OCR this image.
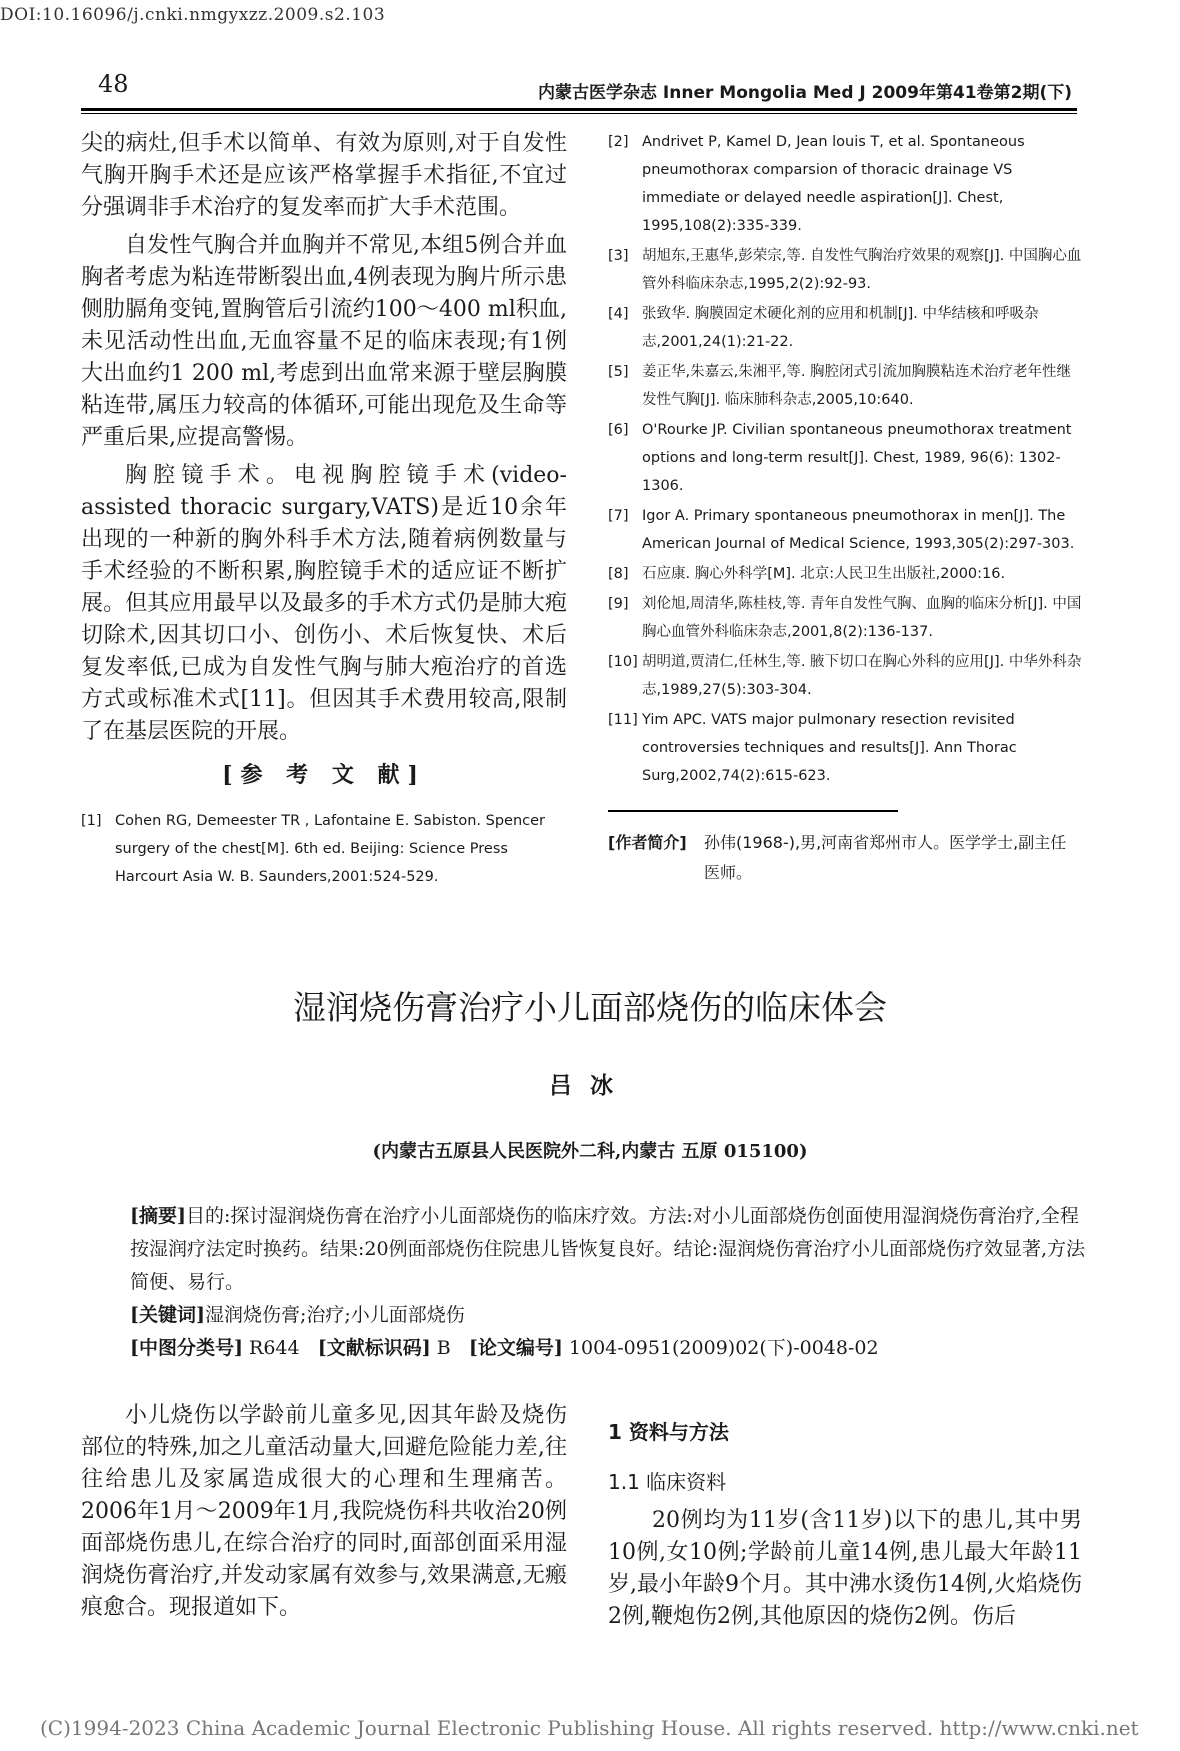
DOI:10.16096/j.cnki.nmgyxzz.2009.s2.103
48	内蒙古医学杂志 Inner Mongolia Med J 2009年第41卷第2期(下)

尖的病灶,但手术以简单、有效为原则,对于自发性气胸开胸手术还是应该严格掌握手术指征,不宜过分强调非手术治疗的复发率而扩大手术范围。

自发性气胸合并血胸并不常见,本组5例合并血胸者考虑为粘连带断裂出血,4例表现为胸片所示患侧肋膈角变钝,置胸管后引流约100～400 ml积血,未见活动性出血,无血容量不足的临床表现;有1例大出血约1 200 ml,考虑到出血常来源于壁层胸膜粘连带,属压力较高的体循环,可能出现危及生命等严重后果,应提高警惕。

胸腔镜手术。电视胸腔镜手术(video-assisted thoracic surgary,VATS)是近10余年出现的一种新的胸外科手术方法,随着病例数量与手术经验的不断积累,胸腔镜手术的适应证不断扩展。但其应用最早以及最多的手术方式仍是肺大疱切除术,因其切口小、创伤小、术后恢复快、术后复发率低,已成为自发性气胸与肺大疱治疗的首选方式或标准术式[11]。但因其手术费用较高,限制了在基层医院的开展。

[参 考 文 献]
[1] Cohen RG, Demeester TR , Lafontaine E. Sabiston. Spencer surgery of the chest[M]. 6th ed. Beijing: Science Press Harcourt Asia W. B. Saunders,2001:524-529.
[2] Andrivet P, Kamel D, Jean louis T, et al. Spontaneous pneumothorax comparsion of thoracic drainage VS immediate or delayed needle aspiration[J]. Chest, 1995,108(2):335-339.
[3] 胡旭东,王惠华,彭荣宗,等. 自发性气胸治疗效果的观察[J]. 中国胸心血管外科临床杂志,1995,2(2):92-93.
[4] 张致华. 胸膜固定术硬化剂的应用和机制[J]. 中华结核和呼吸杂志,2001,24(1):21-22.
[5] 姜正华,朱嘉云,朱湘平,等. 胸腔闭式引流加胸膜粘连术治疗老年性继发性气胸[J]. 临床肺科杂志,2005,10:640.
[6] O'Rourke JP. Civilian spontaneous pneumothorax treatment options and long-term result[J]. Chest, 1989, 96(6): 1302-1306.
[7] Igor A. Primary spontaneous pneumothorax in men[J]. The American Journal of Medical Science, 1993,305(2):297-303.
[8] 石应康. 胸心外科学[M]. 北京:人民卫生出版社,2000:16.
[9] 刘伦旭,周清华,陈桂枝,等. 青年自发性气胸、血胸的临床分析[J]. 中国胸心血管外科临床杂志,2001,8(2):136-137.
[10] 胡明道,贾清仁,任林生,等. 腋下切口在胸心外科的应用[J]. 中华外科杂志,1989,27(5):303-304.
[11] Yim APC. VATS major pulmonary resection revisited controversies techniques and results[J]. Ann Thorac Surg,2002,74(2):615-623.
[作者简介]	孙伟(1968-),男,河南省郑州市人。医学学士,副主任医师。
湿润烧伤膏治疗小儿面部烧伤的临床体会
吕冰
(内蒙古五原县人民医院外二科,内蒙古 五原 015100)
[摘要]目的:探讨湿润烧伤膏在治疗小儿面部烧伤的临床疗效。方法:对小儿面部烧伤创面使用湿润烧伤膏治疗,全程按湿润疗法定时换药。结果:20例面部烧伤住院患儿皆恢复良好。结论:湿润烧伤膏治疗小儿面部烧伤疗效显著,方法简便、易行。
[关键词]湿润烧伤膏;治疗;小儿面部烧伤
[中图分类号] R644 [文献标识码] B [论文编号] 1004-0951(2009)02(下)-0048-02

小儿烧伤以学龄前儿童多见,因其年龄及烧伤部位的特殊,加之儿童活动量大,回避危险能力差,往往给患儿及家属造成很大的心理和生理痛苦。2006年1月～2009年1月,我院烧伤科共收治20例面部烧伤患儿,在综合治疗的同时,面部创面采用湿润烧伤膏治疗,并发动家属有效参与,效果满意,无瘢痕愈合。现报道如下。

1 资料与方法

1.1 临床资料

20例均为11岁(含11岁)以下的患儿,其中男10例,女10例;学龄前儿童14例,患儿最大年龄11岁,最小年龄9个月。其中沸水烫伤14例,火焰烧伤2例,鞭炮伤2例,其他原因的烧伤2例。伤后

(C)1994-2023 China Academic Journal Electronic Publishing House. All rights reserved. http://www.cnki.net
